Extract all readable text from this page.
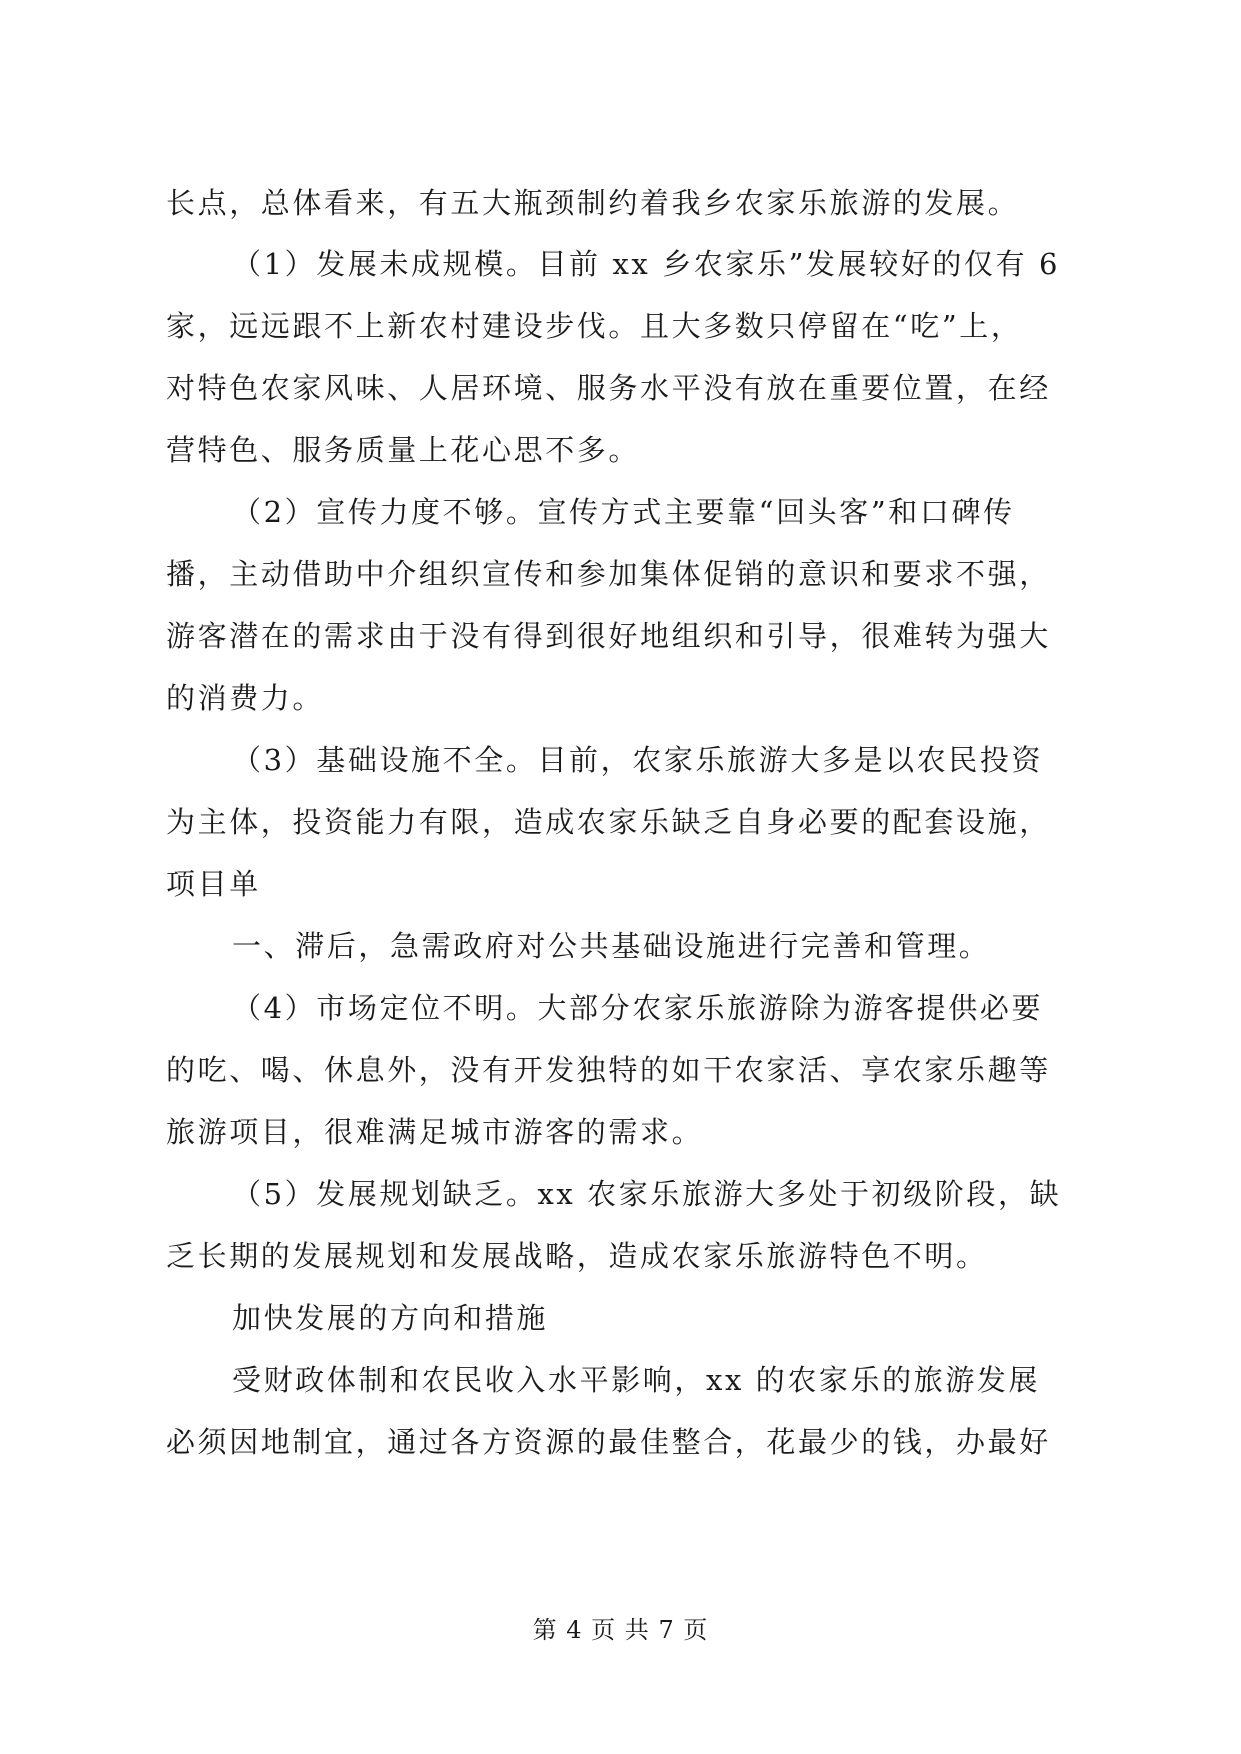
长点，总体看来，有五大瓶颈制约着我乡农家乐旅游的发展。
（1）发展未成规模。目前 xx 乡农家乐”发展较好的仅有 6
家，远远跟不上新农村建设步伐。且大多数只停留在“吃”上，
对特色农家风味、人居环境、服务水平没有放在重要位置，在经
营特色、服务质量上花心思不多。
（2）宣传力度不够。宣传方式主要靠“回头客”和口碑传
播，主动借助中介组织宣传和参加集体促销的意识和要求不强，
游客潜在的需求由于没有得到很好地组织和引导，很难转为强大
的消费力。
（3）基础设施不全。目前，农家乐旅游大多是以农民投资
为主体，投资能力有限，造成农家乐缺乏自身必要的配套设施，
项目单
一、滞后，急需政府对公共基础设施进行完善和管理。
（4）市场定位不明。大部分农家乐旅游除为游客提供必要
的吃、喝、休息外，没有开发独特的如干农家活、享农家乐趣等
旅游项目，很难满足城市游客的需求。
（5）发展规划缺乏。xx 农家乐旅游大多处于初级阶段，缺
乏长期的发展规划和发展战略，造成农家乐旅游特色不明。
加快发展的方向和措施
受财政体制和农民收入水平影响，xx 的农家乐的旅游发展
必须因地制宜，通过各方资源的最佳整合，花最少的钱，办最好
第 4 页 共 7 页
